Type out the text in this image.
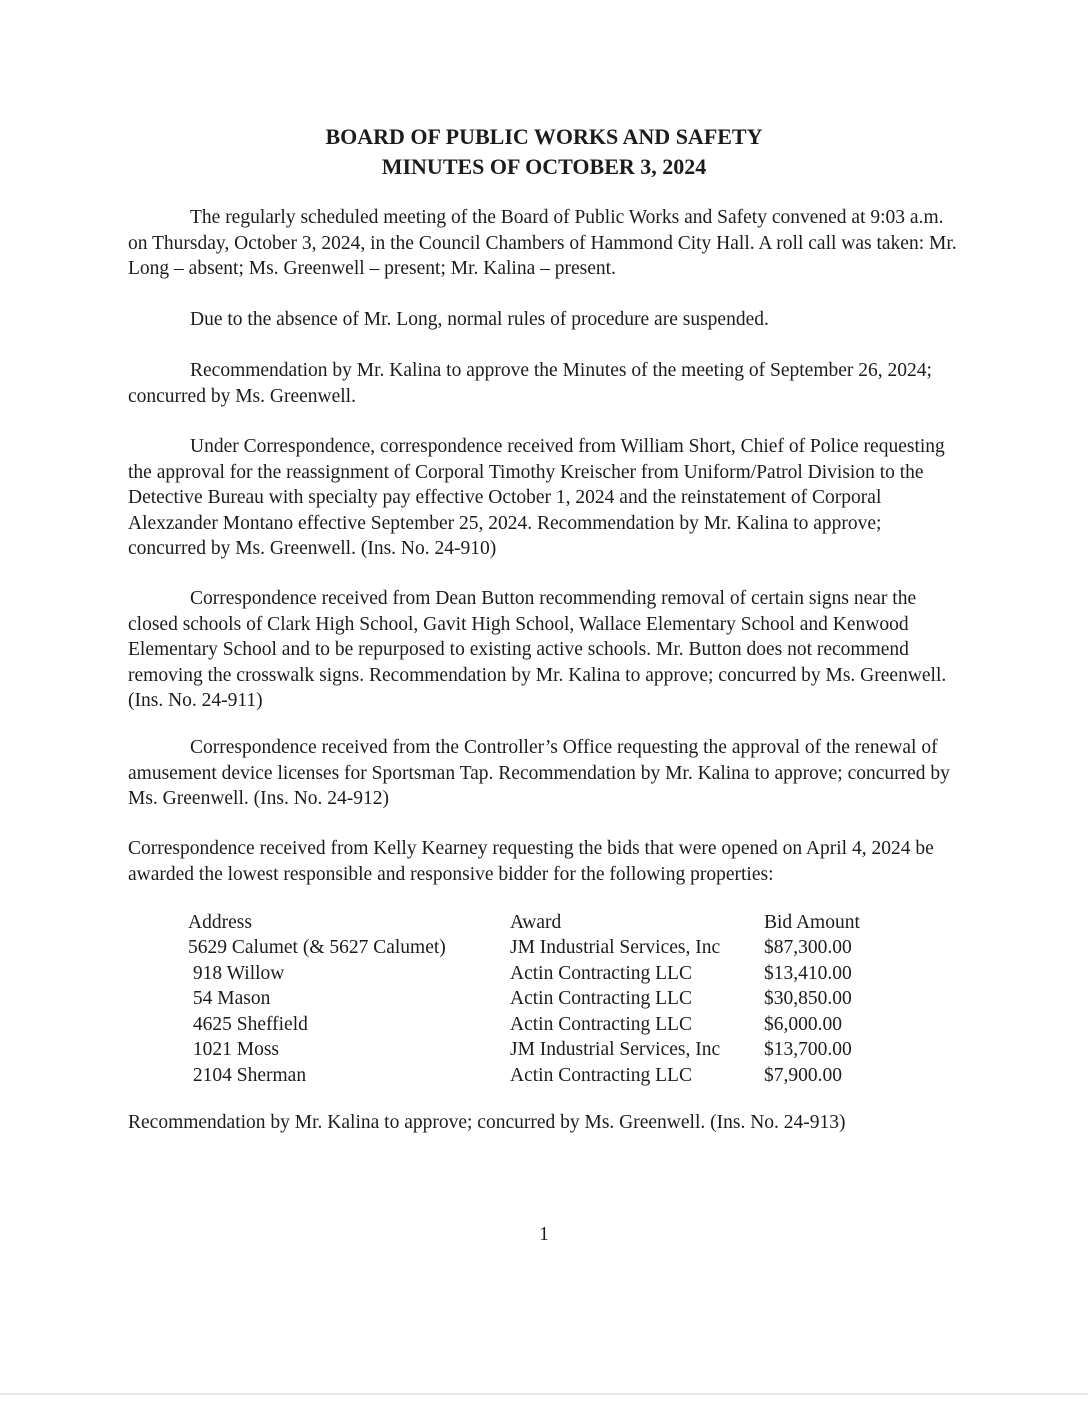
BOARD OF PUBLIC WORKS AND SAFETY
MINUTES OF OCTOBER 3, 2024

The regularly scheduled meeting of the Board of Public Works and Safety convened at 9:03 a.m. on Thursday, October 3, 2024, in the Council Chambers of Hammond City Hall. A roll call was taken: Mr. Long – absent; Ms. Greenwell – present; Mr. Kalina – present.

Due to the absence of Mr. Long, normal rules of procedure are suspended.

Recommendation by Mr. Kalina to approve the Minutes of the meeting of September 26, 2024; concurred by Ms. Greenwell.

Under Correspondence, correspondence received from William Short, Chief of Police requesting the approval for the reassignment of Corporal Timothy Kreischer from Uniform/Patrol Division to the Detective Bureau with specialty pay effective October 1, 2024 and the reinstatement of Corporal Alexzander Montano effective September 25, 2024. Recommendation by Mr. Kalina to approve; concurred by Ms. Greenwell. (Ins. No. 24-910)

Correspondence received from Dean Button recommending removal of certain signs near the closed schools of Clark High School, Gavit High School, Wallace Elementary School and Kenwood Elementary School and to be repurposed to existing active schools. Mr. Button does not recommend removing the crosswalk signs. Recommendation by Mr. Kalina to approve; concurred by Ms. Greenwell. (Ins. No. 24-911)

Correspondence received from the Controller’s Office requesting the approval of the renewal of amusement device licenses for Sportsman Tap. Recommendation by Mr. Kalina to approve; concurred by Ms. Greenwell. (Ins. No. 24-912)

Correspondence received from Kelly Kearney requesting the bids that were opened on April 4, 2024 be awarded the lowest responsible and responsive bidder for the following properties:

Address	Award	Bid Amount
5629 Calumet (& 5627 Calumet)	JM Industrial Services, Inc	$87,300.00
918 Willow	Actin Contracting LLC	$13,410.00
54 Mason	Actin Contracting LLC	$30,850.00
4625 Sheffield	Actin Contracting LLC	$6,000.00
1021 Moss	JM Industrial Services, Inc	$13,700.00
2104 Sherman	Actin Contracting LLC	$7,900.00

Recommendation by Mr. Kalina to approve; concurred by Ms. Greenwell. (Ins. No. 24-913)

1
